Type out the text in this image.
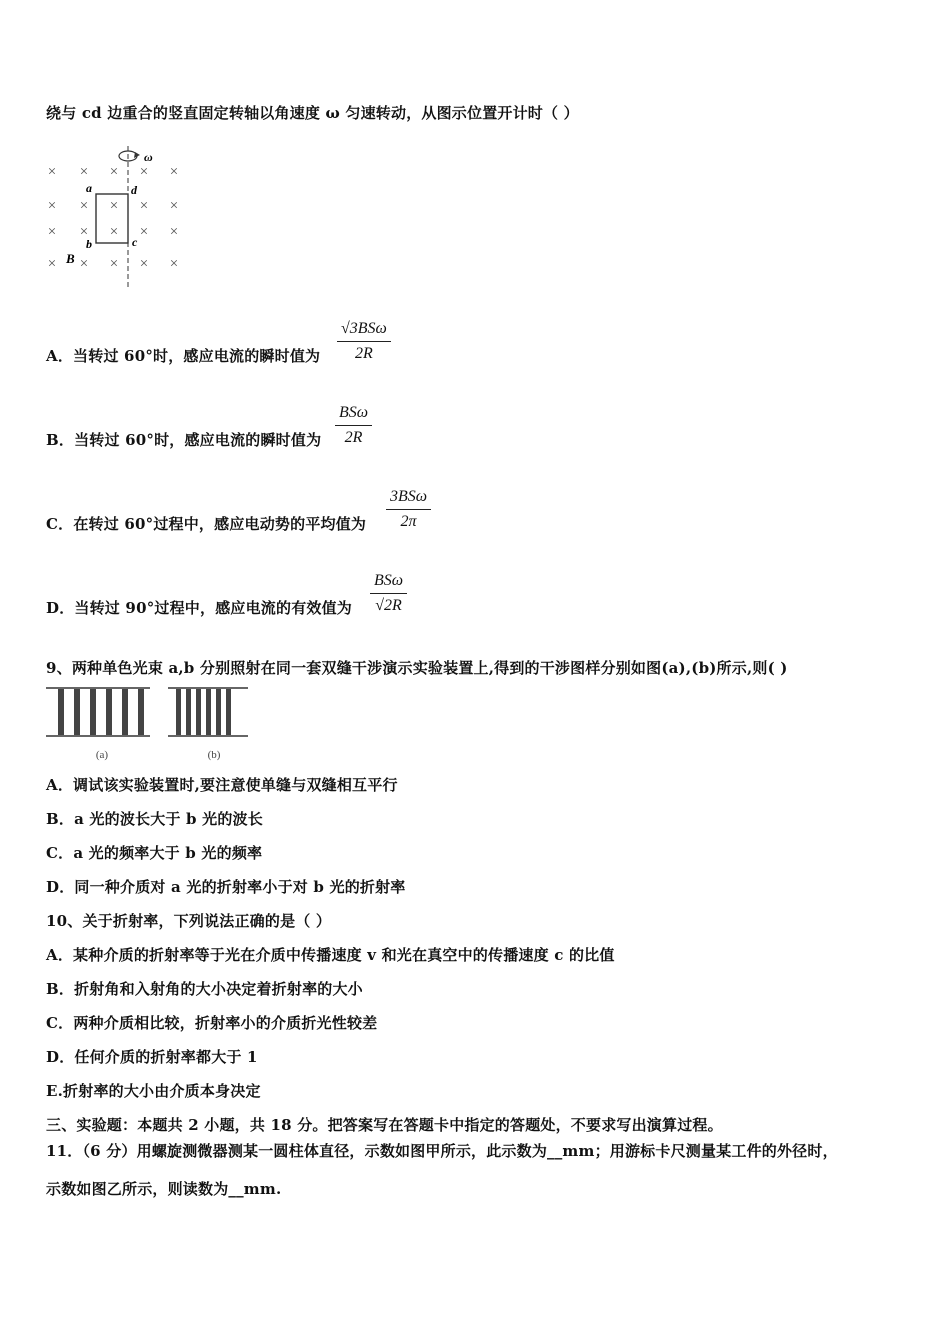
绕与 cd 边重合的竖直固定转轴以角速度 ω 匀速转动，从图示位置开计时（ ）
× × × × ×
× × × × ×
× × × × ×
× × × × ×
ω
a	d
b	c
B
A．当转过 60°时，感应电流的瞬时值为
√3BSω
2R
B．当转过 60°时，感应电流的瞬时值为
BSω
2R
C．在转过 60°过程中，感应电动势的平均值为
3BSω
2π
D．当转过 90°过程中，感应电流的有效值为
BSω
√2R
9、两种单色光束 a,b 分别照射在同一套双缝干涉演示实验装置上,得到的干涉图样分别如图(a),(b)所示,则( )
(a)	(b)
A．调试该实验装置时,要注意使单缝与双缝相互平行
B．a 光的波长大于 b 光的波长
C．a 光的频率大于 b 光的频率
D．同一种介质对 a 光的折射率小于对 b 光的折射率
10、关于折射率，下列说法正确的是（ ）
A．某种介质的折射率等于光在介质中传播速度 v 和光在真空中的传播速度 c 的比值
B．折射角和入射角的大小决定着折射率的大小
C．两种介质相比较，折射率小的介质折光性较差
D．任何介质的折射率都大于 1
E.折射率的大小由介质本身决定
三、实验题：本题共 2 小题，共 18 分。把答案写在答题卡中指定的答题处，不要求写出演算过程。
11．（6 分）用螺旋测微器测某一圆柱体直径，示数如图甲所示，此示数为__mm；用游标卡尺测量某工件的外径时，
示数如图乙所示，则读数为__mm.
